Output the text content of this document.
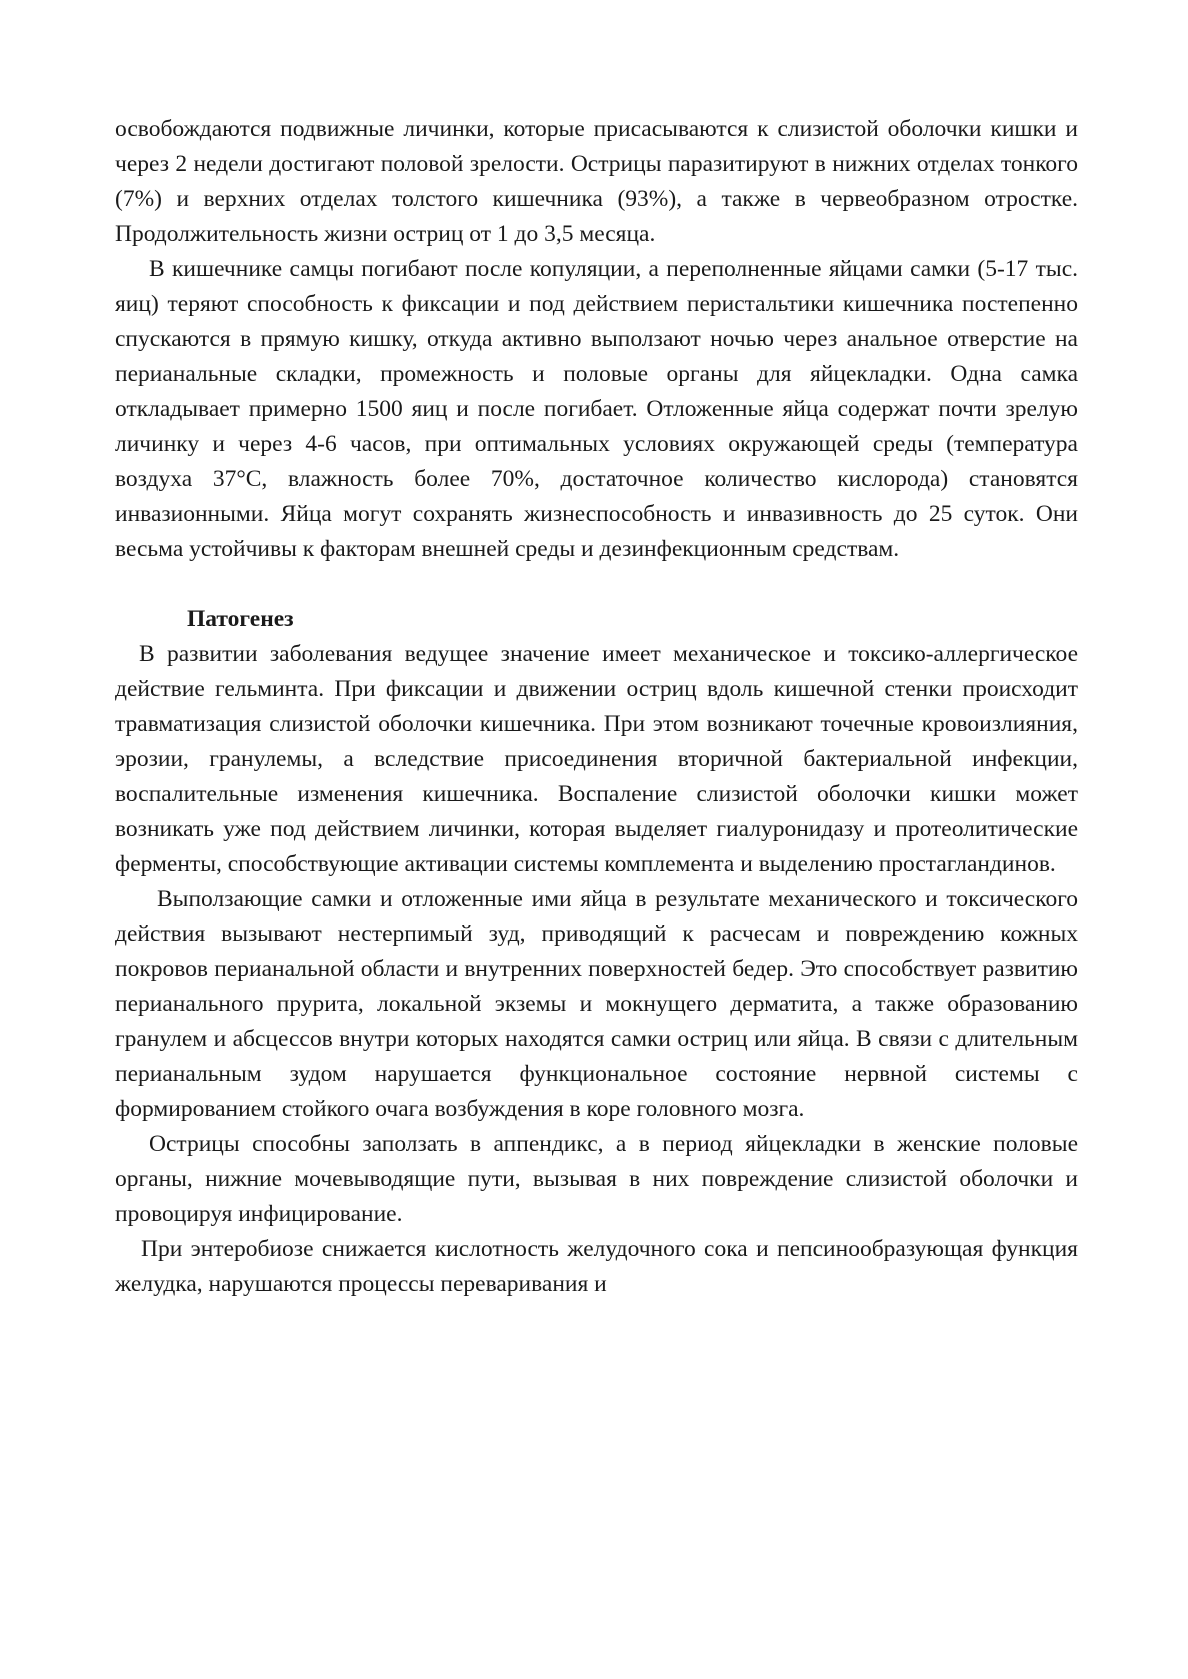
освобождаются подвижные личинки, которые присасываются к слизистой оболочки кишки и через 2 недели достигают половой зрелости. Острицы паразитируют в нижних отделах тонкого (7%) и верхних отделах толстого кишечника (93%), а также в червеобразном отростке. Продолжительность жизни остриц от 1 до 3,5 месяца.

В кишечнике самцы погибают после копуляции, а переполненные яйцами самки (5-17 тыс. яиц) теряют способность к фиксации и под действием перистальтики кишечника постепенно спускаются в прямую кишку, откуда активно выползают ночью через анальное отверстие на перианальные складки, промежность и половые органы для яйцекладки. Одна самка откладывает примерно 1500 яиц и после погибает. Отложенные яйца содержат почти зрелую личинку и через 4-6 часов, при оптимальных условиях окружающей среды (температура воздуха 37°С, влажность более 70%, достаточное количество кислорода) становятся инвазионными. Яйца могут сохранять жизнеспособность и инвазивность до 25 суток. Они весьма устойчивы к факторам внешней среды и дезинфекционным средствам.

Патогенез

В развитии заболевания ведущее значение имеет механическое и токсико-аллергическое действие гельминта. При фиксации и движении остриц вдоль кишечной стенки происходит травматизация слизистой оболочки кишечника. При этом возникают точечные кровоизлияния, эрозии, гранулемы, а вследствие присоединения вторичной бактериальной инфекции, воспалительные изменения кишечника. Воспаление слизистой оболочки кишки может возникать уже под действием личинки, которая выделяет гиалуронидазу и протеолитические ферменты, способствующие активации системы комплемента и выделению простагландинов.

Выползающие самки и отложенные ими яйца в результате механического и токсического действия вызывают нестерпимый зуд, приводящий к расчесам и повреждению кожных покровов перианальной области и внутренних поверхностей бедер. Это способствует развитию перианального прурита, локальной экземы и мокнущего дерматита, а также образованию гранулем и абсцессов внутри которых находятся самки остриц или яйца. В связи с длительным перианальным зудом нарушается функциональное состояние нервной системы с формированием стойкого очага возбуждения в коре головного мозга.

Острицы способны заползать в аппендикс, а в период яйцекладки в женские половые органы, нижние мочевыводящие пути, вызывая в них повреждение слизистой оболочки и провоцируя инфицирование.

При энтеробиозе снижается кислотность желудочного сока и пепсинообразующая функция желудка, нарушаются процессы переваривания и
